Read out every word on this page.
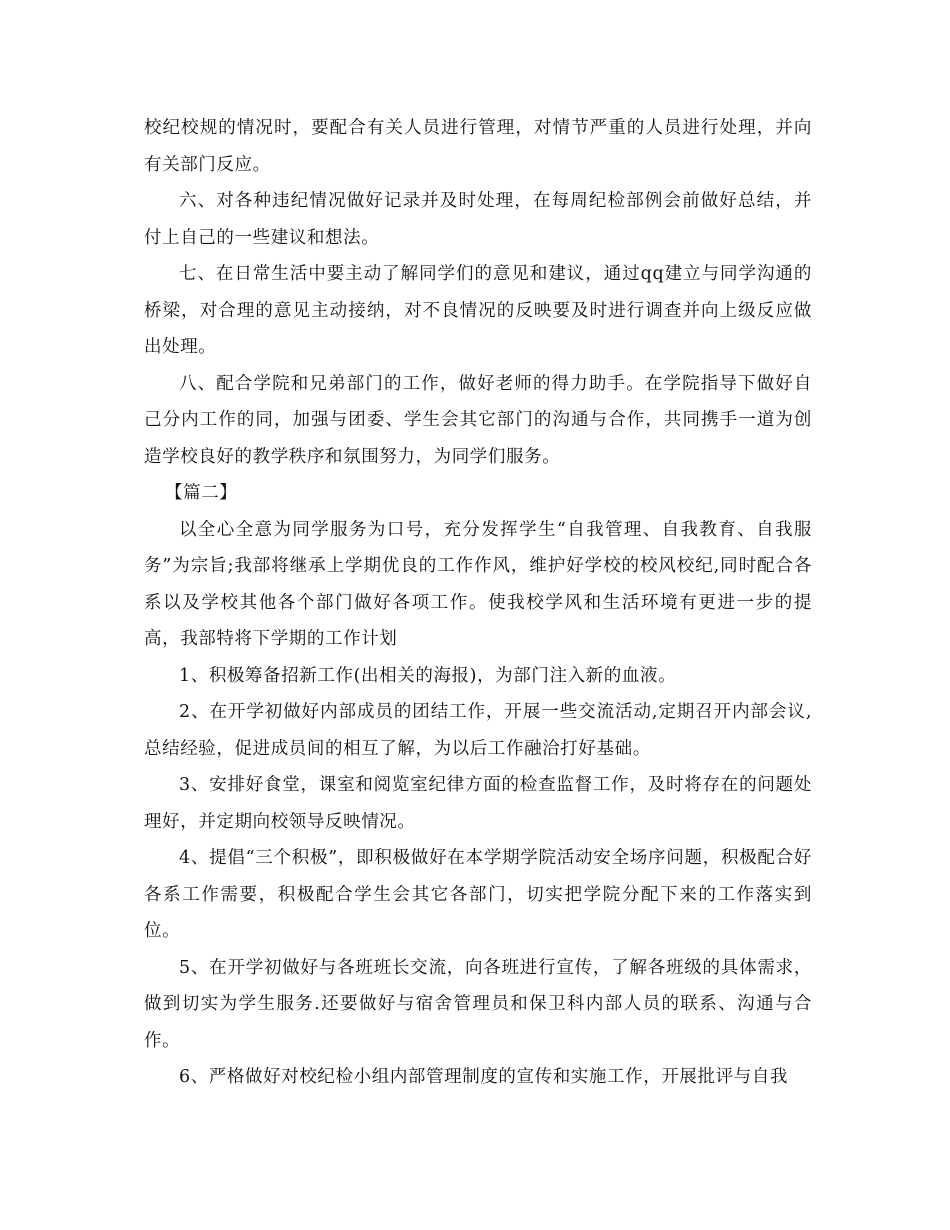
校纪校规的情况时，要配合有关人员进行管理，对情节严重的人员进行处理，并向有关部门反应。

六、对各种违纪情况做好记录并及时处理，在每周纪检部例会前做好总结，并付上自己的一些建议和想法。

七、在日常生活中要主动了解同学们的意见和建议，通过qq建立与同学沟通的桥梁，对合理的意见主动接纳，对不良情况的反映要及时进行调查并向上级反应做出处理。

八、配合学院和兄弟部门的工作，做好老师的得力助手。在学院指导下做好自己分内工作的同，加强与团委、学生会其它部门的沟通与合作，共同携手一道为创造学校良好的教学秩序和氛围努力，为同学们服务。

【篇二】

以全心全意为同学服务为口号，充分发挥学生“自我管理、自我教育、自我服务”为宗旨;我部将继承上学期优良的工作作风，维护好学校的校风校纪,同时配合各系以及学校其他各个部门做好各项工作。使我校学风和生活环境有更进一步的提高，我部特将下学期的工作计划

1、积极筹备招新工作(出相关的海报)，为部门注入新的血液。

2、在开学初做好内部成员的团结工作，开展一些交流活动,定期召开内部会议,总结经验，促进成员间的相互了解，为以后工作融洽打好基础。

3、安排好食堂，课室和阅览室纪律方面的检查监督工作，及时将存在的问题处理好，并定期向校领导反映情况。

4、提倡“三个积极”，即积极做好在本学期学院活动安全场序问题，积极配合好各系工作需要，积极配合学生会其它各部门，切实把学院分配下来的工作落实到位。

5、在开学初做好与各班班长交流，向各班进行宣传，了解各班级的具体需求，做到切实为学生服务.还要做好与宿舍管理员和保卫科内部人员的联系、沟通与合作。

6、严格做好对校纪检小组内部管理制度的宣传和实施工作，开展批评与自我
